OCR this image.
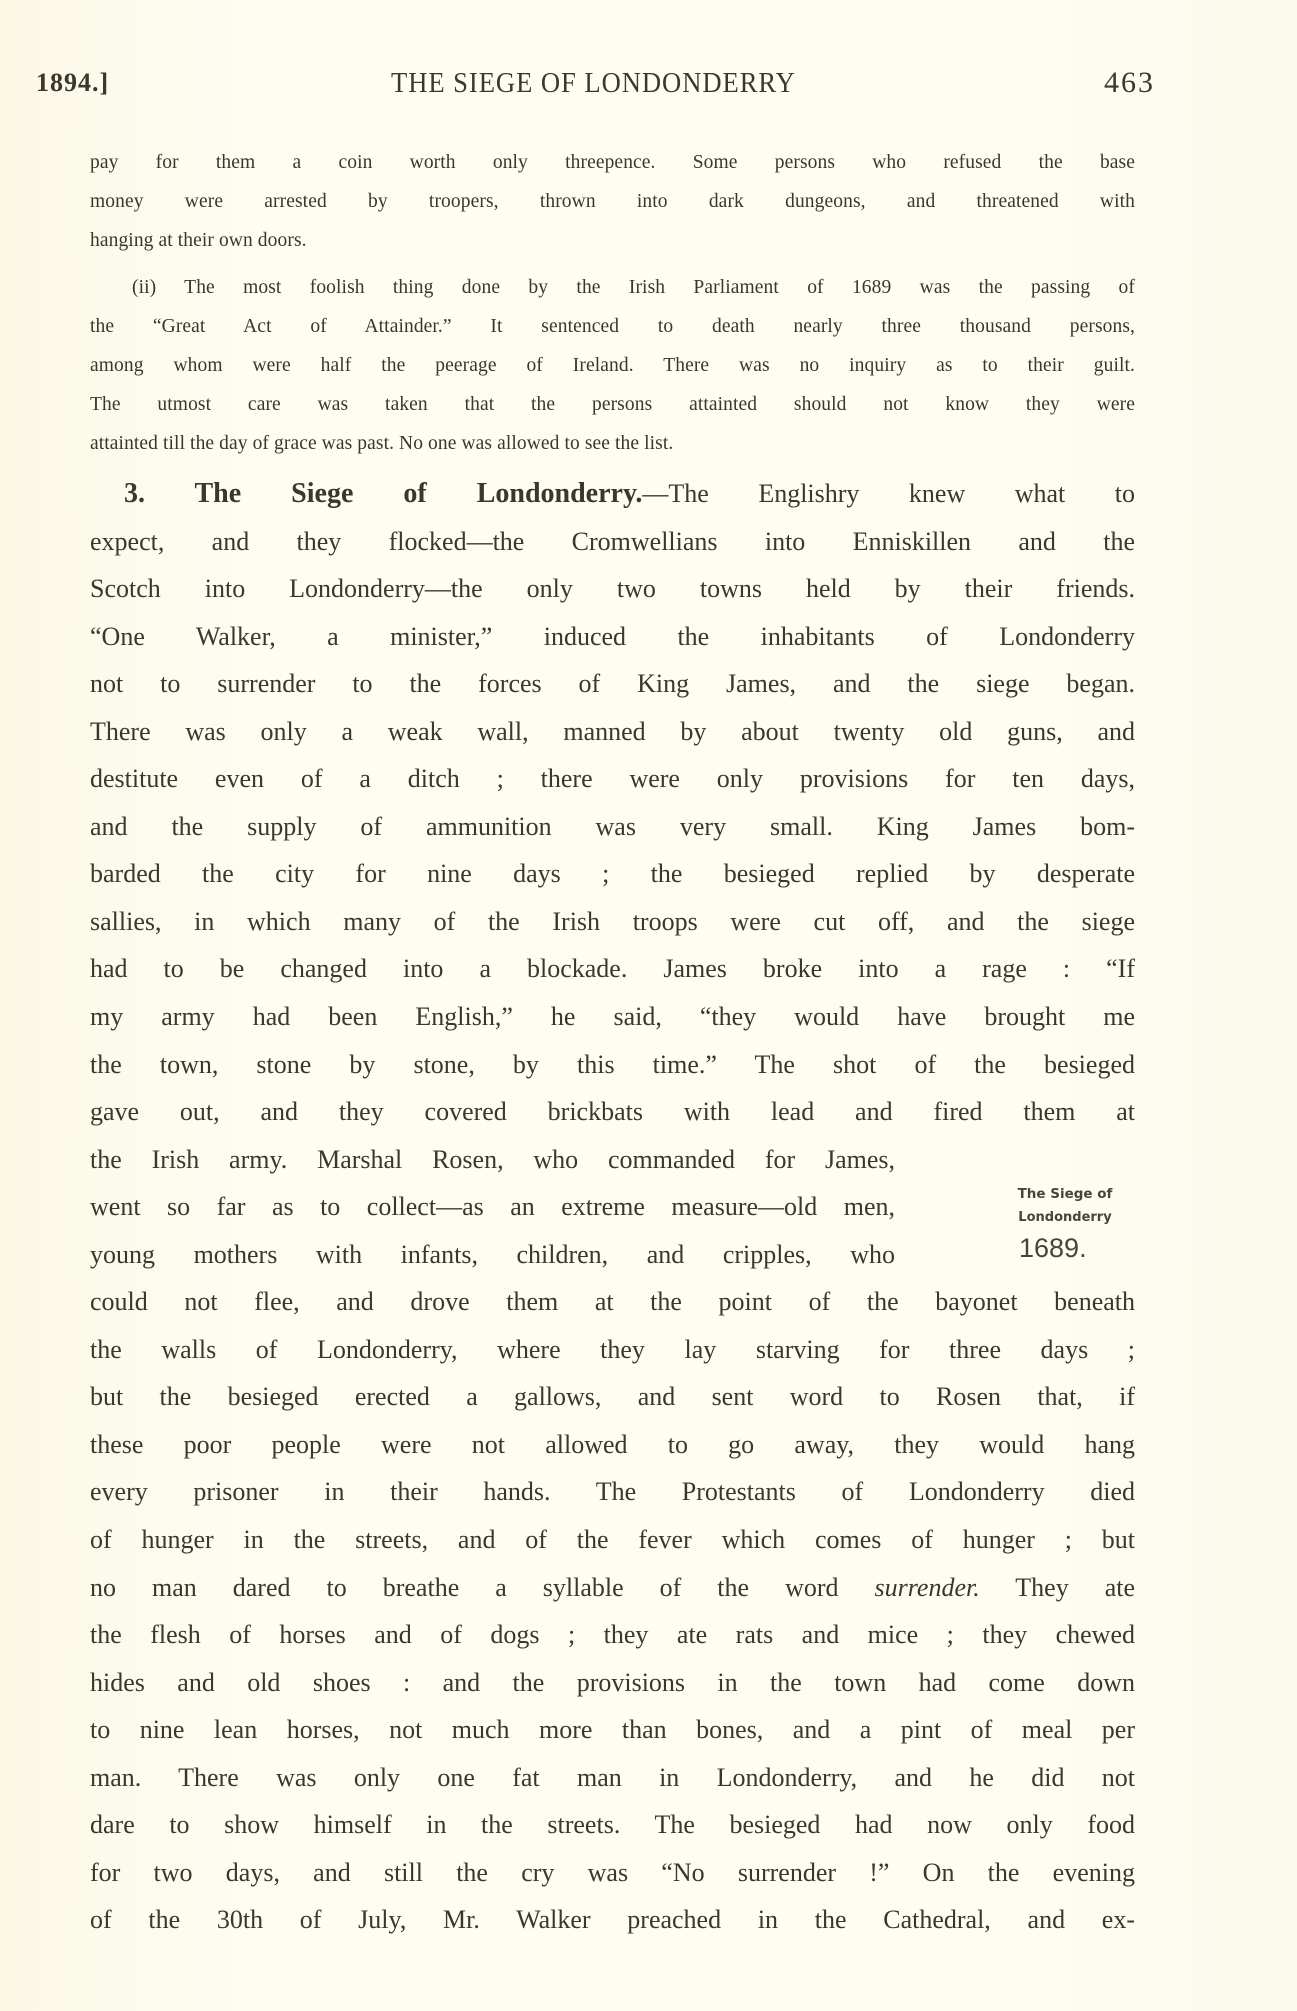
1894.]	THE SIEGE OF LONDONDERRY	463
pay for them a coin worth only threepence. Some persons who refused the base
money were arrested by troopers, thrown into dark dungeons, and threatened with
hanging at their own doors.
(ii) The most foolish thing done by the Irish Parliament of 1689 was the passing of
the “Great Act of Attainder.” It sentenced to death nearly three thousand persons,
among whom were half the peerage of Ireland. There was no inquiry as to their guilt.
The utmost care was taken that the persons attainted should not know they were
attainted till the day of grace was past. No one was allowed to see the list.
3. The Siege of Londonderry.—The Englishry knew what to
expect, and they flocked—the Cromwellians into Enniskillen and the
Scotch into Londonderry—the only two towns held by their friends.
“One Walker, a minister,” induced the inhabitants of Londonderry
not to surrender to the forces of King James, and the siege began.
There was only a weak wall, manned by about twenty old guns, and
destitute even of a ditch ; there were only provisions for ten days,
and the supply of ammunition was very small. King James bom-
barded the city for nine days ; the besieged replied by desperate
sallies, in which many of the Irish troops were cut off, and the siege
had to be changed into a blockade. James broke into a rage : “If
my army had been English,” he said, “they would have brought me
the town, stone by stone, by this time.” The shot of the besieged
gave out, and they covered brickbats with lead and fired them at
the Irish army. Marshal Rosen, who commanded for James,
went so far as to collect—as an extreme measure—old men,
young mothers with infants, children, and cripples, who
could not flee, and drove them at the point of the bayonet beneath
the walls of Londonderry, where they lay starving for three days ;
but the besieged erected a gallows, and sent word to Rosen that, if
these poor people were not allowed to go away, they would hang
every prisoner in their hands. The Protestants of Londonderry died
of hunger in the streets, and of the fever which comes of hunger ; but
no man dared to breathe a syllable of the word surrender. They ate
the flesh of horses and of dogs ; they ate rats and mice ; they chewed
hides and old shoes : and the provisions in the town had come down
to nine lean horses, not much more than bones, and a pint of meal per
man. There was only one fat man in Londonderry, and he did not
dare to show himself in the streets. The besieged had now only food
for two days, and still the cry was “No surrender !” On the evening
of the 30th of July, Mr. Walker preached in the Cathedral, and ex-
The Siege of
Londonderry
1689.
